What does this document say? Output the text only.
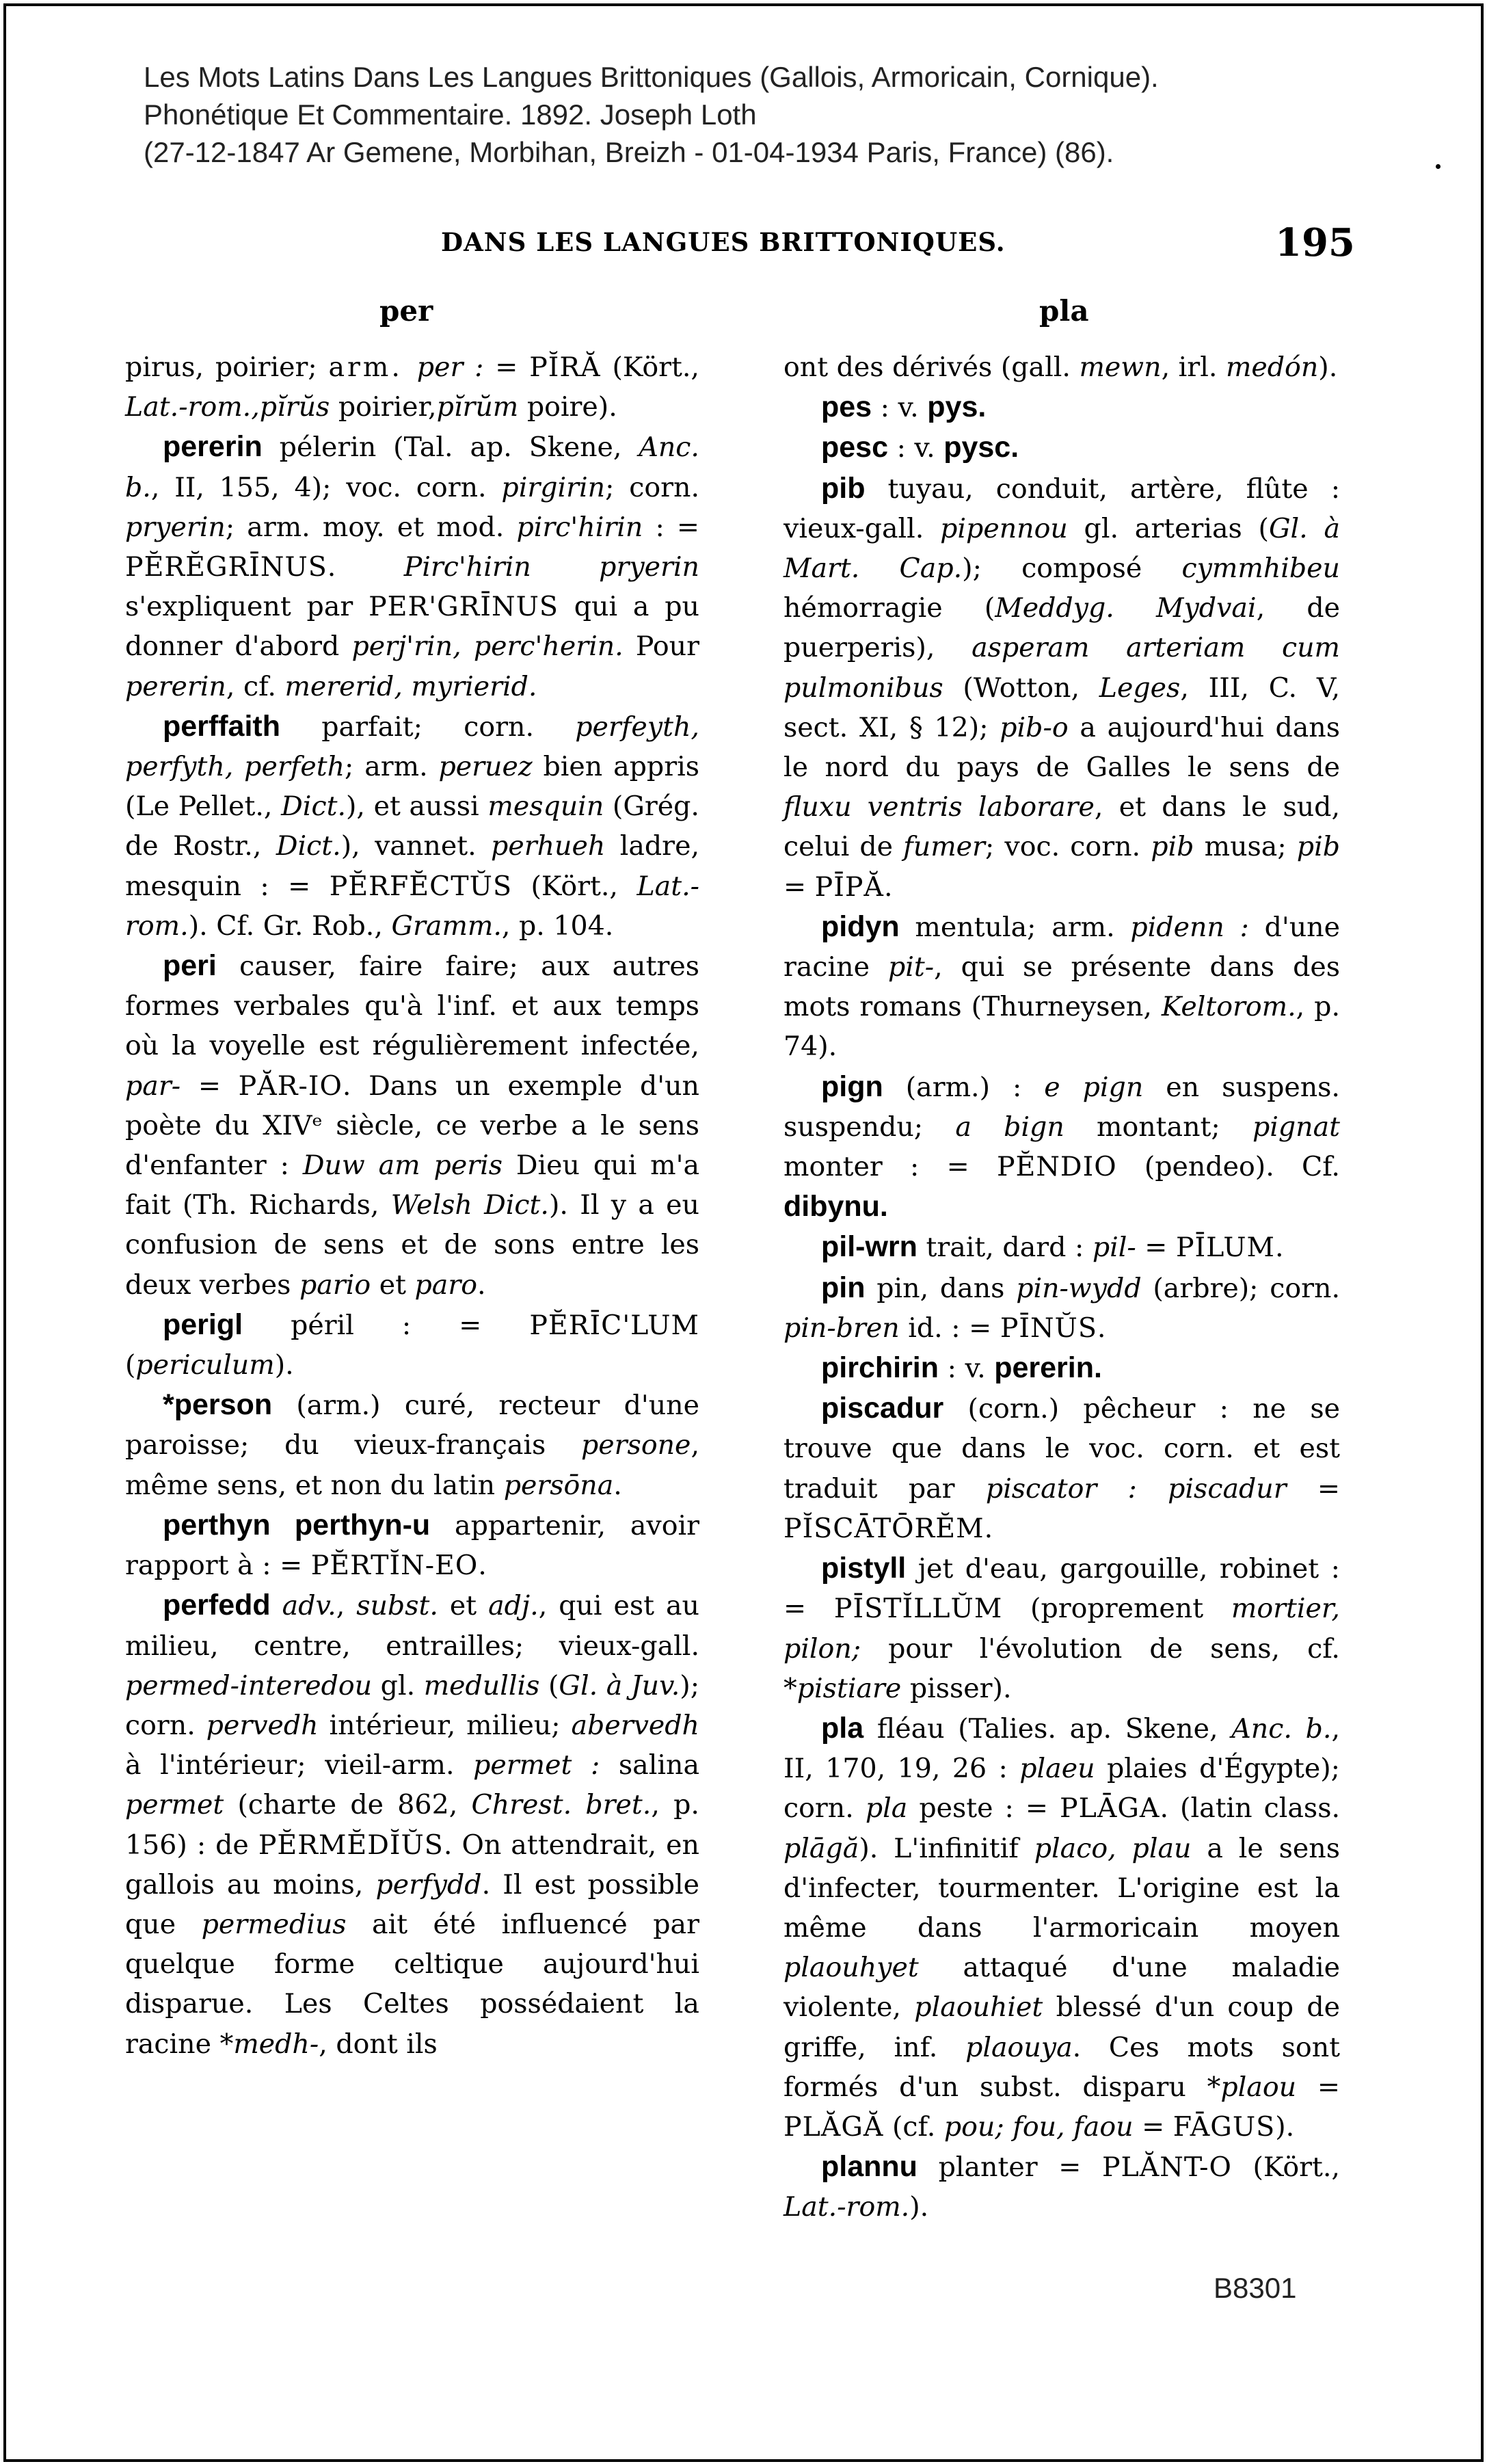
Les Mots Latins Dans Les Langues Brittoniques (Gallois, Armoricain, Cornique).
Phonétique Et Commentaire. 1892. Joseph Loth
(27-12-1847 Ar Gemene, Morbihan, Breizh - 01-04-1934 Paris, France) (86).
DANS LES LANGUES BRITTONIQUES.	195
per	pla

pirus, poirier; arm. per : = PĬRĂ (Kört., Lat.-rom.,pĭrŭs poirier,pĭrŭm poire).

pererin pélerin (Tal. ap. Skene, Anc. b., II, 155, 4); voc. corn. pirgirin; corn. pryerin; arm. moy. et mod. pirc'hirin : = PĔRĔGRĪNUS. Pirc'hirin pryerin s'expliquent par PER'GRĪNUS qui a pu donner d'abord perj'rin, perc'herin. Pour pererin, cf. mererid, myrierid.

perffaith parfait; corn. perfeyth, perfyth, perfeth; arm. peruez bien appris (Le Pellet., Dict.), et aussi mesquin (Grég. de Rostr., Dict.), vannet. perhueh ladre, mesquin : = PĔRFĔCTŬS (Kört., Lat.-rom.). Cf. Gr. Rob., Gramm., p. 104.

peri causer, faire faire; aux autres formes verbales qu'à l'inf. et aux temps où la voyelle est régulièrement infectée, par- = PĂR-IO. Dans un exemple d'un poète du XIVᵉ siècle, ce verbe a le sens d'enfanter : Duw am peris Dieu qui m'a fait (Th. Richards, Welsh Dict.). Il y a eu confusion de sens et de sons entre les deux verbes pario et paro.

perigl péril : = PĔRĪC'LUM (periculum).

*person (arm.) curé, recteur d'une paroisse; du vieux-français persone, même sens, et non du latin persōna.

perthyn perthyn-u appartenir, avoir rapport à : = PĔRTĬN-EO.

perfedd adv., subst. et adj., qui est au milieu, centre, entrailles; vieux-gall. permed-interedou gl. medullis (Gl. à Juv.); corn. pervedh intérieur, milieu; abervedh à l'intérieur; vieil-arm. permet : salina permet (charte de 862, Chrest. bret., p. 156) : de PĔRMĔDĬŬS. On attendrait, en gallois au moins, perfydd. Il est possible que permedius ait été influencé par quelque forme celtique aujourd'hui disparue. Les Celtes possédaient la racine *medh-, dont ils

ont des dérivés (gall. mewn, irl. medón).

pes : v. pys.

pesc : v. pysc.

pib tuyau, conduit, artère, flûte : vieux-gall. pipennou gl. arterias (Gl. à Mart. Cap.); composé cymmhibeu hémorragie (Meddyg. Mydvai, de puerperis), asperam arteriam cum pulmonibus (Wotton, Leges, III, C. V, sect. XI, § 12); pib-o a aujourd'hui dans le nord du pays de Galles le sens de fluxu ventris laborare, et dans le sud, celui de fumer; voc. corn. pib musa; pib = PĪPĂ.

pidyn mentula; arm. pidenn : d'une racine pit-, qui se présente dans des mots romans (Thurneysen, Keltorom., p. 74).

pign (arm.) : e pign en suspens. suspendu; a bign montant; pignat monter : = PĔNDIO (pendeo). Cf. dibynu.

pil-wrn trait, dard : pil- = PĪLUM.

pin pin, dans pin-wydd (arbre); corn. pin-bren id. : = PĪNŬS.

pirchirin : v. pererin.

piscadur (corn.) pêcheur : ne se trouve que dans le voc. corn. et est traduit par piscator : piscadur = PĬSCĀTŌRĔM.

pistyll jet d'eau, gargouille, robinet : = PĪSTĬLLŬM (proprement mortier, pilon; pour l'évolution de sens, cf. *pistiare pisser).

pla fléau (Talies. ap. Skene, Anc. b., II, 170, 19, 26 : plaeu plaies d'Égypte); corn. pla peste : = PLĀGA. (latin class. plāgă). L'infinitif placo, plau a le sens d'infecter, tourmenter. L'origine est la même dans l'armoricain moyen plaouhyet attaqué d'une maladie violente, plaouhiet blessé d'un coup de griffe, inf. plaouya. Ces mots sont formés d'un subst. disparu *plaou = PLĂGĂ (cf. pou; fou, faou = FĀGUS).

plannu planter = PLĂNT-O (Kört., Lat.-rom.).

B8301
